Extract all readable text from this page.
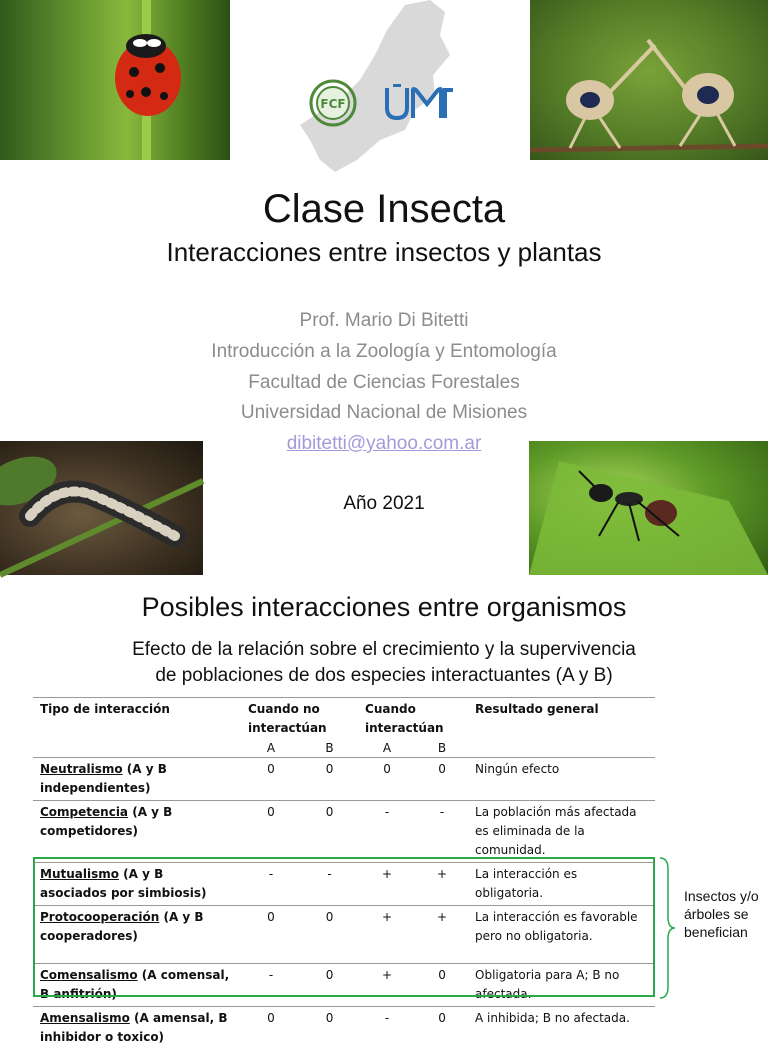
FCF
Clase Insecta
Interacciones entre insectos y plantas
Prof. Mario Di Bitetti
Introducción a la Zoología y Entomología
Facultad de Ciencias Forestales
Universidad Nacional de Misiones
dibitetti@yahoo.com.ar
Año 2021
Posibles interacciones entre organismos
Efecto de la relación sobre el crecimiento y la supervivencia
de poblaciones de dos especies interactuantes (A y B)
Tipo de interacción	Cuando no interactúan		Cuando interactúan		Resultado general
	A	B	A	B	
Neutralismo (A y B independientes)	0	0	0	0	Ningún efecto
Competencia (A y B competidores)	0	0	-	-	La población más afectada es eliminada de la comunidad.
Mutualismo (A y B asociados por simbiosis)	-	-	+	+	La interacción es obligatoria.
Protocooperación (A y B cooperadores)	0	0	+	+	La interacción es favorable pero no obligatoria.
Comensalismo (A comensal, B anfitrión)	-	0	+	0	Obligatoria para A; B no afectada.
Amensalismo (A amensal, B inhibidor o toxico)	0	0	-	0	A inhibida; B no afectada.
Insectos y/o árboles se benefician
